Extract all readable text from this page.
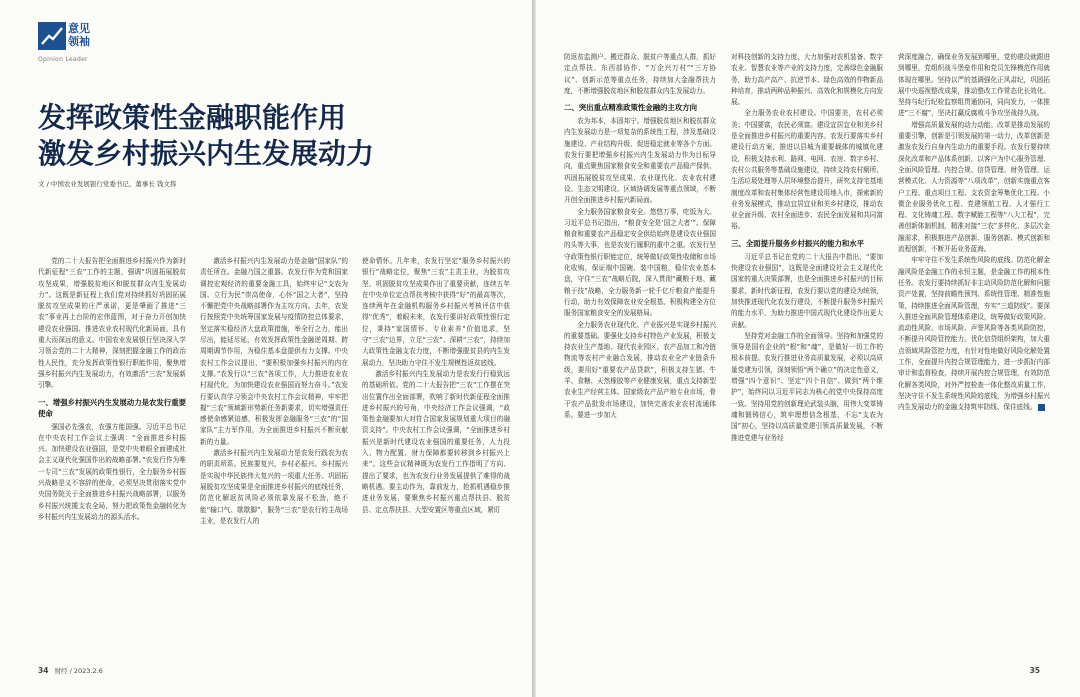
意见
领袖
Opinion Leader
发挥政策性金融职能作用
激发乡村振兴内生发展动力
文 / 中国农业发展银行党委书记、董事长 钱文挥

党的二十大报告把全面推进乡村振兴作为新时代新征程“三农”工作的主题，强调“巩固拓展脱贫攻坚成果，增强脱贫地区和脱贫群众内生发展动力”。这既是新征程上我们党对持续抓好巩固拓展脱贫攻坚成果的庄严承诺，更是肇画了推进“三农”事业再上台阶的宏伟蓝图，对于奋力开创加快建设农业强国、推进农业农村现代化新局面，具有重大而深远的意义。中国农业发展银行坚决深入学习领会党的二十大精神，深刻把握金融工作的政治性人民性，充分发挥政策性银行职能作用，聚焦增强乡村振兴内生发展动力，有效激活“三农”发展新引擎。

一、增强乡村振兴内生发展动力是农发行重要使命

强国必先强农，农强方能国强。习近平总书记在中央农村工作会议上强调：“全面推进乡村振兴、加快建设农业强国，是党中央着眼全面建成社会主义现代化强国作出的战略部署。”农发行作为唯一专司“三农”发展的政策性银行，全力服务乡村振兴战略是义不容辞的使命，必须坚决贯彻落实党中央国务院关于全面推进乡村振兴战略部署，以服务乡村振兴统揽支农全局，努力把政策性金融转化为乡村振兴内生发展动力的源头活水。

激活乡村振兴内生发展动力是金融“国家队”的责任所在。金融乃国之重器。农发行作为党和国家调控宏观经济的重要金融工具，始终牢记“支农为国、立行为民”崇高使命，心怀“国之大者”，坚持不懈把党中央战略部署作为主攻方向。去年，农发行按照党中央统筹国家发展与疫情防控总体要求，坚定落实稳经济大盘政策措施，举全行之力，能出尽出，能延尽延，有效发挥政策性金融逆周期、跨周期调节作用，为稳住基本盘提供有力支撑。中央农村工作会议提出，“要积极加强乡村振兴的内在支撑。”农发行以“三农”各项工作，大力推进农业农村现代化，为加快建设农业强国而努力奋斗。”农发行要认真学习领会中央农村工作会议精神，牢牢把握“三农”领域新形势新任务新要求，切实增强责任感使命感紧迫感，积极发挥金融服务“三农”的“国家队”主力军作用，为全面推进乡村振兴不断贡献新的力量。

激活乡村振兴内生发展动力是农发行践农为农的职责所系。民族要复兴，乡村必振兴。乡村振兴是实现中华民族伟大复兴的一项重大任务。巩固拓展脱贫攻坚成果是全面推进乡村振兴的底线任务，防范化解返贫风险必须依靠发展不松劲，绝不能“输口气、歇歇脚”，服务“三农”是农行的主战场主业，是农发行人的

使命情怀。几年来，农发行坚定“服务乡村振兴的银行”战略定位，聚焦“三农”主责主业，为脱贫攻坚、巩固脱贫攻坚成果作出了重要贡献，连续五年在中央单位定点帮扶考核中获得“好”的最高等次，连续两年在金融机构服务乡村振兴考核评估中获得“优秀”，着眼未来，农发行要讲好政策性银行定位，秉持“家国情怀、专业素养”价值追求，坚守“三农”边界，立足“三农”、深耕“三农”，持续加大政策性金融支农力度，不断增强脱贫县的内生发展动力，坚决助力守住不发生规模性返贫底线。

激活乡村振兴内生发展动力是农发行行稳致远的基础所依。党的二十大报告把“三农”工作摆在突出位置作出全面部署，吹响了新时代新征程全面推进乡村振兴的号角，中央经济工作会议强调，“政策性金融要加大对符合国家发展规划重大项目的融资支持”。中央农村工作会议强调，“全面推进乡村振兴是新时代建设农业强国的重要任务，人力投入、物力配置、财力保障都要转移到乡村振兴上来”。这些会议精神既为农发行工作指明了方向、提出了要求，也为农发行业务发展提供了难得的战略机遇。要主动作为，靠前发力，抢抓机遇稳步推进业务发展，要聚焦乡村振兴重点帮扶县、脱贫县、定点帮扶县、大型安置区等重点区域，紧盯

34 财经 / 2023.2.6

防返贫监测户、搬迁群众、脱贫户等重点人群，抓好定点帮扶、东西部协作、“万企兴万村”“三方协议”、创新示范等重点任务，持续加大金融帮扶力度，不断增强脱贫地区和脱贫群众内生发展动力。

二、突出重点精准政策性金融的主攻方向

农为邦本，本固邦宁。增强脱贫地区和脱贫群众内生发展动力是一项复杂的系统性工程，涉及基础设施建设、产业结构升级、促进稳定就业等各个方面。农发行要把增强乡村振兴内生发展动力作为目标导向，重点聚焦国家粮食安全和重要农产品稳产保供、巩固拓展脱贫攻坚成果、农业现代化、农业农村建设、生态文明建设、区域协调发展等重点领域，不断开创全面推进乡村振兴新局面。

全力服务国家粮食安全。悠悠万事，吃饭为大。习近平总书记指出，“粮食安全是‘国之大者’”。保障粮食和重要农产品稳定安全供给始终是建设农业强国的头等大事，也是农发行履职的重中之重。农发行坚守政策性银行职能定位，统筹做好政策性收储和市场化收购，保证端中国碗、装中国粮，稳住农业基本盘，守住“三农”战略后院，深入贯彻“藏粮于地、藏粮于技”战略，全力服务新一轮千亿斤粮食产能提升行动，助力有效保障农业安全根基，积极构建全方位服务国家粮食安全的发展格局。

全力服务农业现代化、产业振兴是实现乡村振兴的重要基础。要强化支持乡村特色产业发展，积极支持农业生产基地、现代农业园区、农产品加工和冷链物流等农村产业融合发展，推动农业全产业链条升级，要用好“重要农产品贷款”，积极支持生猪、牛羊、食糖、天然橡胶等产业健康发展，重点支持新型农业生产经营主体、国家级农产品产地专业市场，骨干农产品批发市场建设，加快完善农业农村流通体系。要进一步加大

对科技创新的支持力度，大力加强对农机装备、数字农业、智慧农业等产业的支持力度，完善绿色金融服务，助力高产高产、抗逆节本、绿色高效的作物新品种培育，推动两种品种振兴、高效化和规模化方向发展。

全力服务农业农村建设。中国要美，农村必须美；中国要富，农民必须富。建设宜居宜业和美乡村是全面推进乡村振兴的重要内容。农发行要落实乡村建设行动方案，推进以县城为重要载体的城镇化建设，积极支持水利、路网、电网、农房、数字乡村、农村公共服务等基础设施建设，持续支持农村厕所、生活垃圾处理等人居环境整治提升，研究支持宅基地制度改革和农村集体经营性建设用地入市，探索新的业务发展模式，推动宜居宜业和美乡村建设，推动农业全面升级、农村全面进步、农民全面发展和共同富裕。

三、全面提升服务乡村振兴的能力和水平

习近平总书记在党的二十大报告中指出，“要加快建设农业强国”，这既是全面建设社会主义现代化国家的重大决策部署，也是全面推进乡村振兴的目标要求，新时代新征程，农发行要以党的建设为统领，加快推进现代化农发行建设，不断提升服务乡村振兴的能力水平，为助力推进中国式现代化建设作出更大贡献。

坚持党对金融工作的全面领导。坚持和加强党的领导是国有企业的“根”和“魂”，是做好一切工作的根本前提。农发行推进业务高质量发展，必须以高质量党建为引领，深刻领悟“两个确立”的决定性意义，增强“四个意识”、坚定“四个自信”、做到“两个维护”，始终同以习近平同志为核心的党中央保持高度一致。坚持用党的创新理论武装头脑，用伟大变革铸魂和锻铸信心，筑牢理想信念根基，不忘“支农为国”初心，坚持以高质量党建引领高质量发展，不断推进党建与业务经

营深度融合，确保业务发展到哪里，党的建设就跟进到哪里，党组织战斗堡垒作用和党员先锋模范作用就体现在哪里。坚持以严的基调强化正风肃纪，巩固拓展中央巡视整改成果，推动整改工作常态化长效化。坚持与纪行纪检监察组贯通协同，同向发力，一体推进“三不腐”，坚决打赢反腐败斗争攻坚战持久战。

增强高质量发展的动力动能。改革是推动发展的重要引擎，创新是引领发展的第一动力，改革创新是激发农发行自身内生动力的重要手段。农发行要持续深化改革和产品体系创新，以客户为中心服务管理、全面风险管理、内控合规、信贷管理、财务管理、运营模式化、人力资源等“八项改革”，创新实施重点客户工程、重点项目工程、支农资金筹集优化工程、小微企业服务优化工程、党建领航工程、人才强行工程、文化铸魂工程、数字赋能工程等“八大工程”，完善创新体制机制，精准对接“三农”多样化、多层次金融需求，积极推进产品创新、服务创新、模式创新和流程创新，不断开拓业务蓝海。

牢牢守住不发生系统性风险的底线。防范化解金融风险是金融工作的永恒主题，是金融工作的根本性任务。农发行要持续抓好非主动风险防范化解和问题资产处置，坚持前瞻性预判、系统性管理、精准性施策，持续推进全面风险管理，夯实“三道防线”。要深入推进全面风险管理体系建设，统筹做好政策风险、流动性风险、市场风险、声誉风险等各类风险防控，不断提升风险管控能力。优化信贷组织架构，加大重点领域风险管控力度，有针对性地做好风险化解处置工作，全面提升内控合规管理能力，进一步抓好内部审计和监督检查，持续开展内控合规管理，有效防范化解各类风险，对外严控检查一体化整改质量工作，坚决守住不发生系统性风险的底线，为增强乡村振兴内生发展动力的金融支持筑牢防线、保住底线。

35
